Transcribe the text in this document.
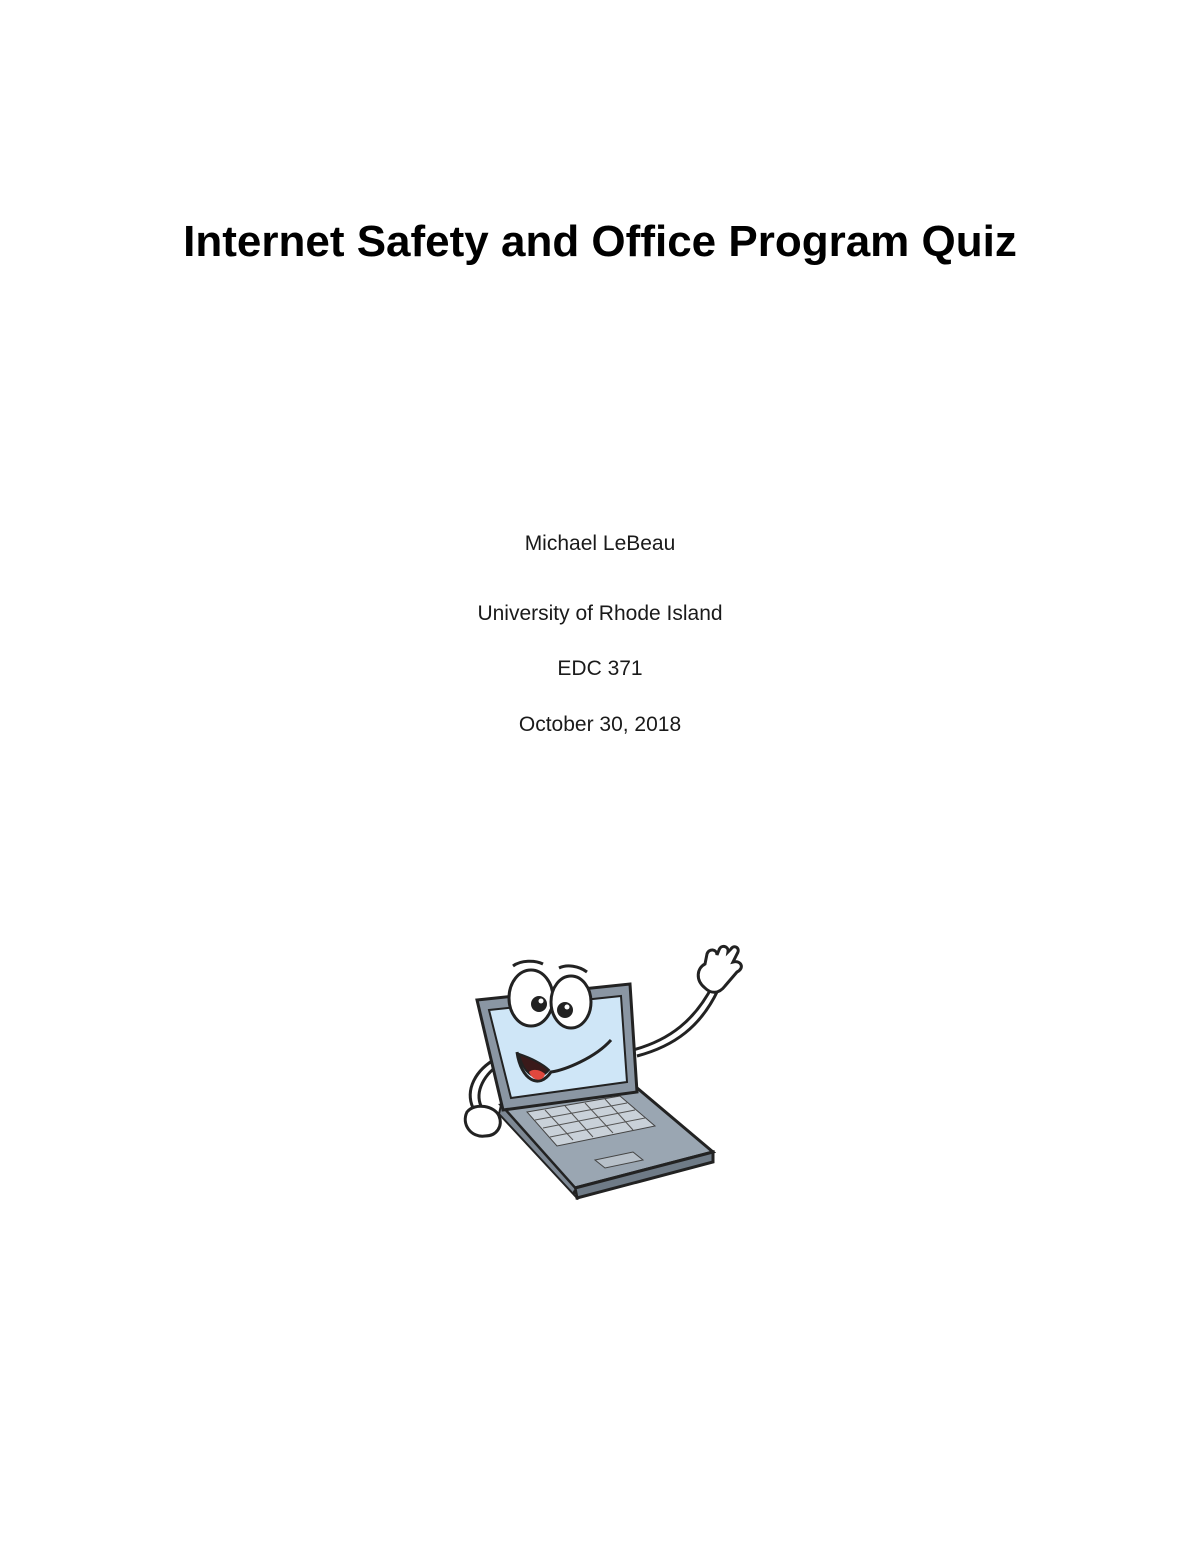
Internet Safety and Office Program Quiz
Michael LeBeau
University of Rhode Island
EDC 371
October 30, 2018
